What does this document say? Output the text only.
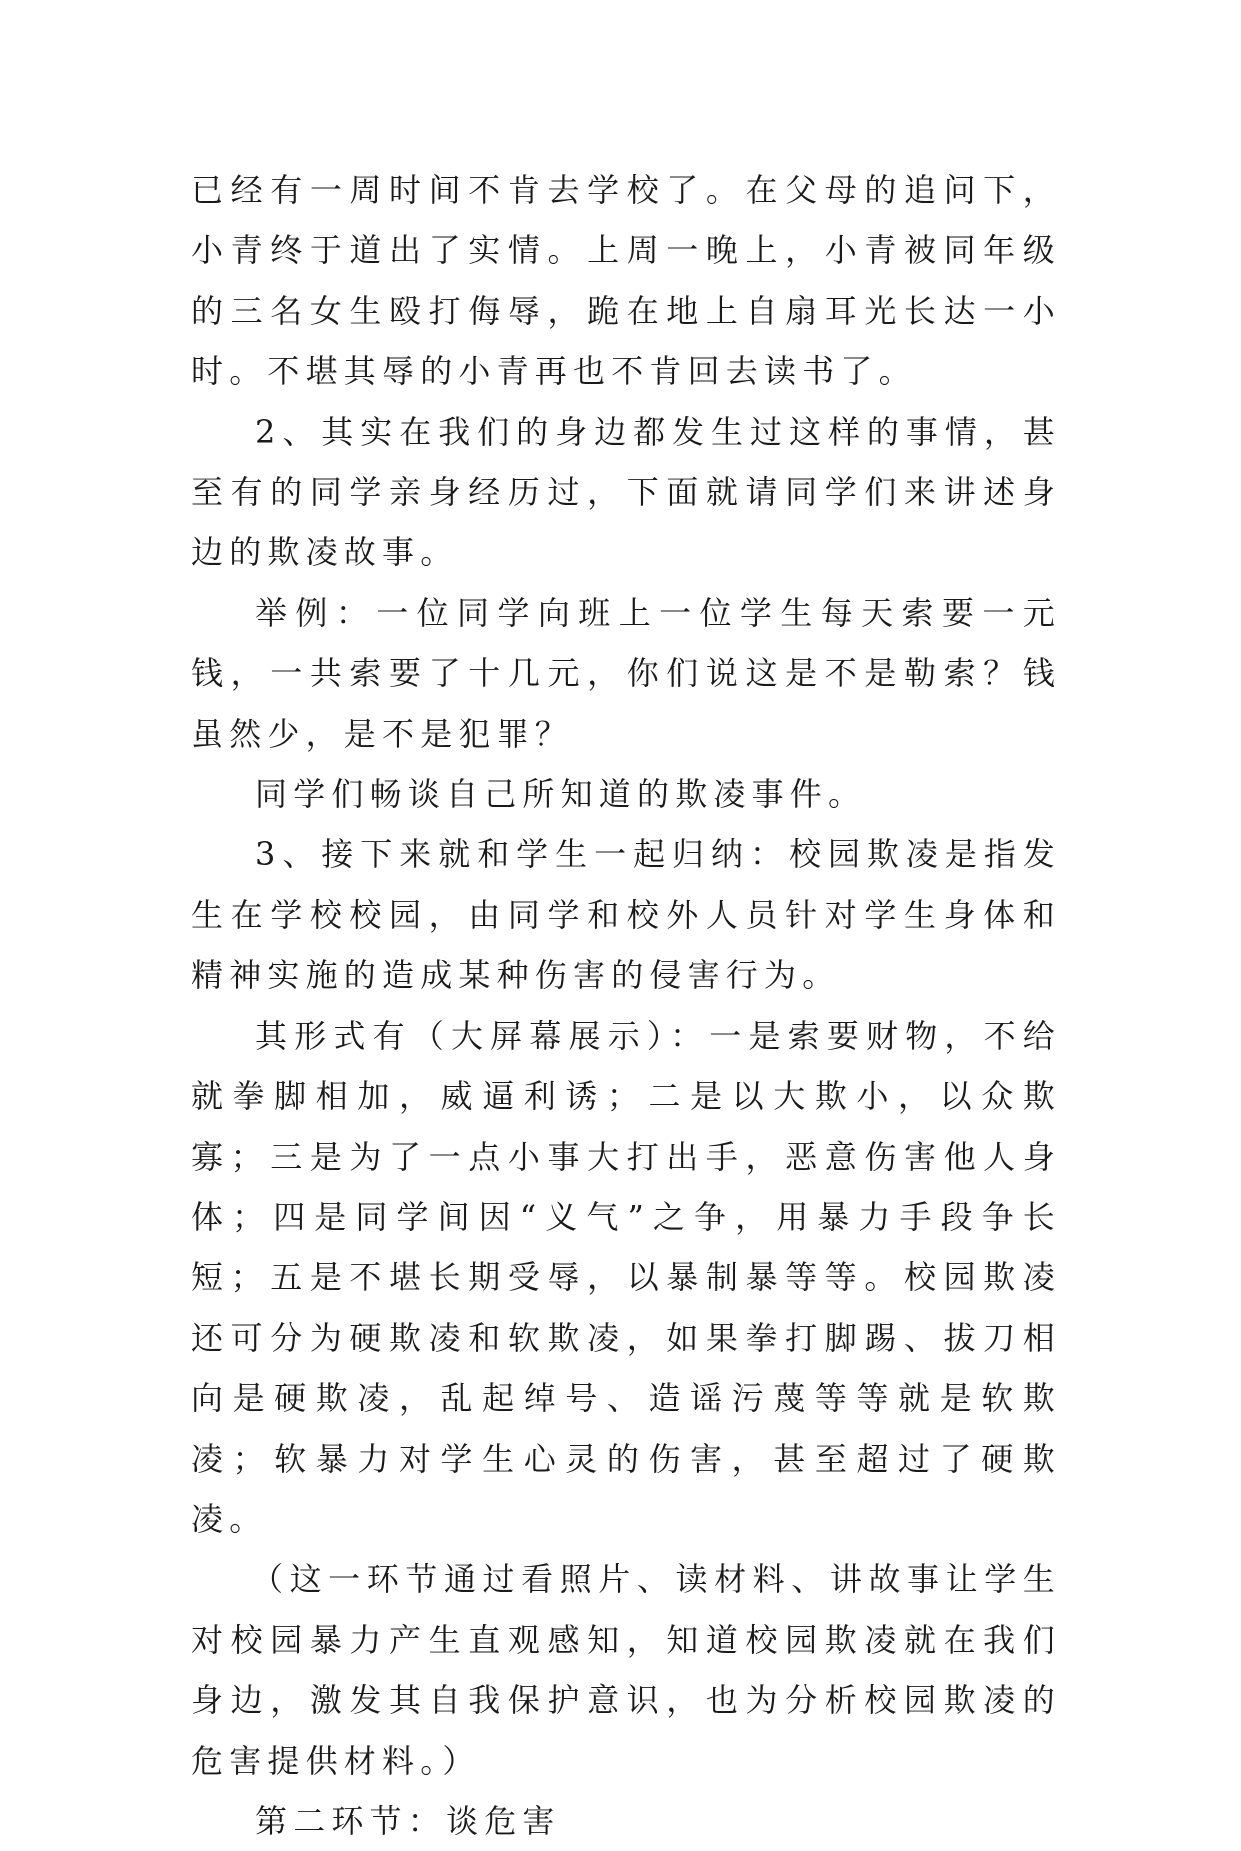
已经有一周时间不肯去学校了。在父母的追问下，小青终于道出了实情。上周一晚上，小青被同年级的三名女生殴打侮辱，跪在地上自扇耳光长达一小时。不堪其辱的小青再也不肯回去读书了。

2、其实在我们的身边都发生过这样的事情，甚至有的同学亲身经历过，下面就请同学们来讲述身边的欺凌故事。

举例：一位同学向班上一位学生每天索要一元钱，一共索要了十几元，你们说这是不是勒索？钱虽然少，是不是犯罪？

同学们畅谈自己所知道的欺凌事件。

3、接下来就和学生一起归纳：校园欺凌是指发生在学校校园，由同学和校外人员针对学生身体和精神实施的造成某种伤害的侵害行为。

其形式有（大屏幕展示）：一是索要财物，不给就拳脚相加，威逼利诱；二是以大欺小，以众欺寡；三是为了一点小事大打出手，恶意伤害他人身体；四是同学间因“义气”之争，用暴力手段争长短；五是不堪长期受辱，以暴制暴等等。校园欺凌还可分为硬欺凌和软欺凌，如果拳打脚踢、拔刀相向是硬欺凌，乱起绰号、造谣污蔑等等就是软欺凌；软暴力对学生心灵的伤害，甚至超过了硬欺凌。

（这一环节通过看照片、读材料、讲故事让学生对校园暴力产生直观感知，知道校园欺凌就在我们身边，激发其自我保护意识，也为分析校园欺凌的危害提供材料。）

第二环节：谈危害
